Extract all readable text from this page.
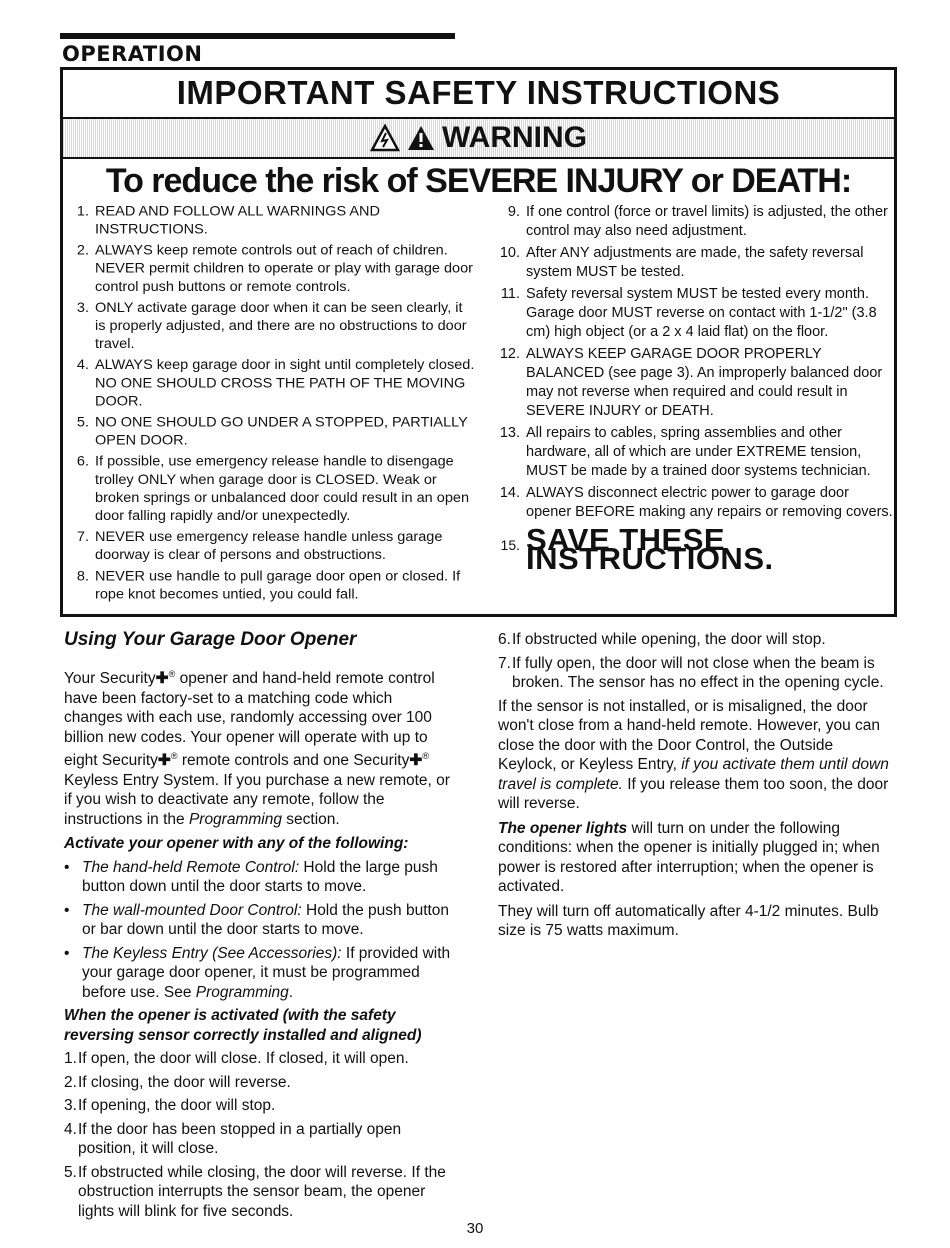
OPERATION
IMPORTANT SAFETY INSTRUCTIONS
WARNING
To reduce the risk of SEVERE INJURY or DEATH:
1. READ AND FOLLOW ALL WARNINGS AND INSTRUCTIONS.
2. ALWAYS keep remote controls out of reach of children. NEVER permit children to operate or play with garage door control push buttons or remote controls.
3. ONLY activate garage door when it can be seen clearly, it is properly adjusted, and there are no obstructions to door travel.
4. ALWAYS keep garage door in sight until completely closed. NO ONE SHOULD CROSS THE PATH OF THE MOVING DOOR.
5. NO ONE SHOULD GO UNDER A STOPPED, PARTIALLY OPEN DOOR.
6. If possible, use emergency release handle to disengage trolley ONLY when garage door is CLOSED. Weak or broken springs or unbalanced door could result in an open door falling rapidly and/or unexpectedly.
7. NEVER use emergency release handle unless garage doorway is clear of persons and obstructions.
8. NEVER use handle to pull garage door open or closed. If rope knot becomes untied, you could fall.
9. If one control (force or travel limits) is adjusted, the other control may also need adjustment.
10. After ANY adjustments are made, the safety reversal system MUST be tested.
11. Safety reversal system MUST be tested every month. Garage door MUST reverse on contact with 1-1/2" (3.8 cm) high object (or a 2 x 4 laid flat) on the floor.
12. ALWAYS KEEP GARAGE DOOR PROPERLY BALANCED (see page 3). An improperly balanced door may not reverse when required and could result in SEVERE INJURY or DEATH.
13. All repairs to cables, spring assemblies and other hardware, all of which are under EXTREME tension, MUST be made by a trained door systems technician.
14. ALWAYS disconnect electric power to garage door opener BEFORE making any repairs or removing covers.
15. SAVE THESE INSTRUCTIONS.
Using Your Garage Door Opener

Your Security✚® opener and hand-held remote control have been factory-set to a matching code which changes with each use, randomly accessing over 100 billion new codes. Your opener will operate with up to eight Security✚® remote controls and one Security✚® Keyless Entry System. If you purchase a new remote, or if you wish to deactivate any remote, follow the instructions in the Programming section.

Activate your opener with any of the following:
• The hand-held Remote Control: Hold the large push button down until the door starts to move.
• The wall-mounted Door Control: Hold the push button or bar down until the door starts to move.
• The Keyless Entry (See Accessories): If provided with your garage door opener, it must be programmed before use. See Programming.
When the opener is activated (with the safety reversing sensor correctly installed and aligned)
1. If open, the door will close. If closed, it will open.
2. If closing, the door will reverse.
3. If opening, the door will stop.
4. If the door has been stopped in a partially open position, it will close.
5. If obstructed while closing, the door will reverse. If the obstruction interrupts the sensor beam, the opener lights will blink for five seconds.
6. If obstructed while opening, the door will stop.
7. If fully open, the door will not close when the beam is broken. The sensor has no effect in the opening cycle.

If the sensor is not installed, or is misaligned, the door won't close from a hand-held remote. However, you can close the door with the Door Control, the Outside Keylock, or Keyless Entry, if you activate them until down travel is complete. If you release them too soon, the door will reverse.

The opener lights will turn on under the following conditions: when the opener is initially plugged in; when power is restored after interruption; when the opener is activated.

They will turn off automatically after 4-1/2 minutes. Bulb size is 75 watts maximum.

30
